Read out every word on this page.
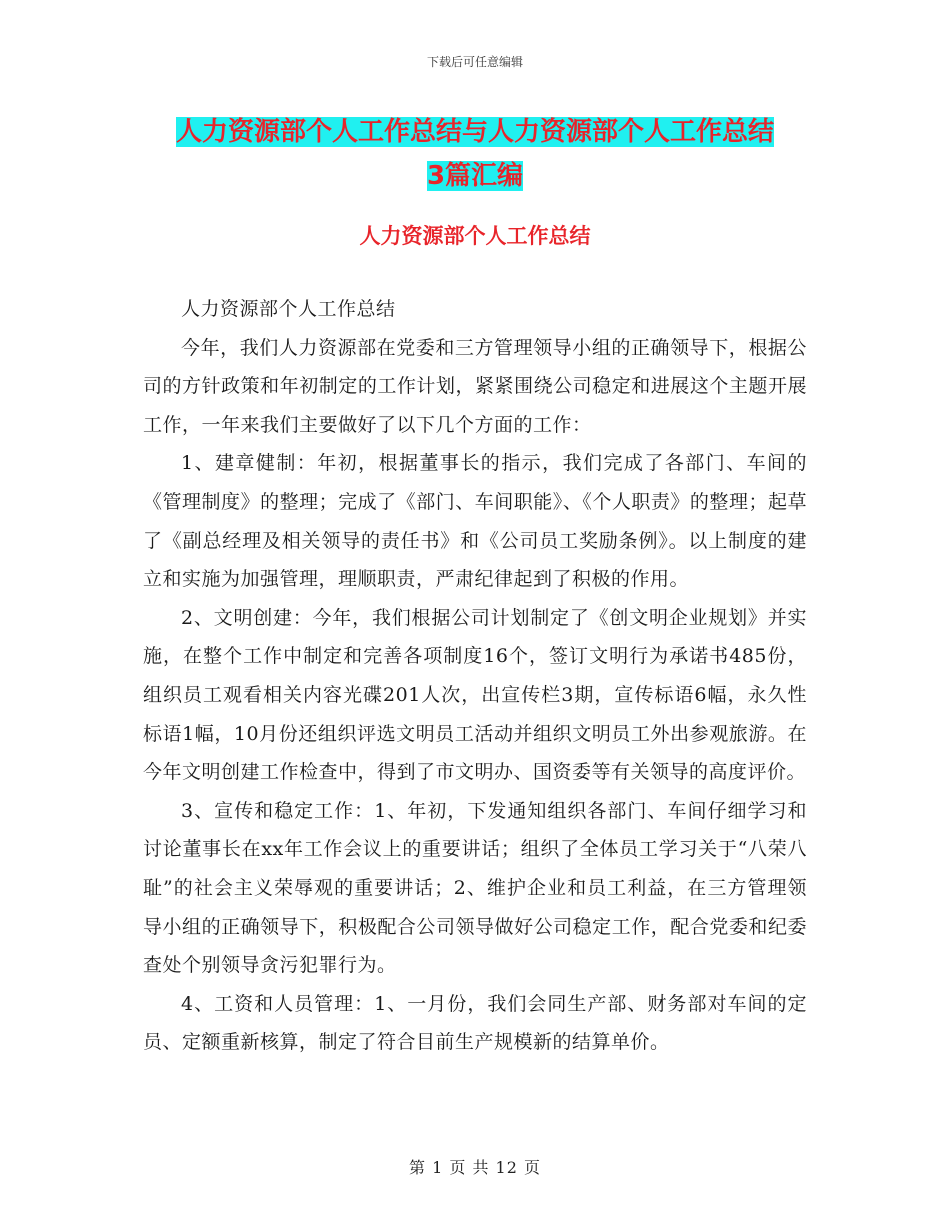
下载后可任意编辑
人力资源部个人工作总结与人力资源部个人工作总结
3篇汇编
人力资源部个人工作总结

人力资源部个人工作总结

今年，我们人力资源部在党委和三方管理领导小组的正确领导下，根据公司的方针政策和年初制定的工作计划，紧紧围绕公司稳定和进展这个主题开展工作，一年来我们主要做好了以下几个方面的工作：

1、建章健制：年初，根据董事长的指示，我们完成了各部门、车间的《管理制度》的整理；完成了《部门、车间职能》、《个人职责》的整理；起草了《副总经理及相关领导的责任书》和《公司员工奖励条例》。以上制度的建立和实施为加强管理，理顺职责，严肃纪律起到了积极的作用。

2、文明创建：今年，我们根据公司计划制定了《创文明企业规划》并实施，在整个工作中制定和完善各项制度16个，签订文明行为承诺书485份，组织员工观看相关内容光碟201人次，出宣传栏3期，宣传标语6幅，永久性标语1幅，10月份还组织评选文明员工活动并组织文明员工外出参观旅游。在今年文明创建工作检查中，得到了市文明办、国资委等有关领导的高度评价。

3、宣传和稳定工作：1、年初，下发通知组织各部门、车间仔细学习和讨论董事长在xx年工作会议上的重要讲话；组织了全体员工学习关于“八荣八耻”的社会主义荣辱观的重要讲话；2、维护企业和员工利益，在三方管理领导小组的正确领导下，积极配合公司领导做好公司稳定工作，配合党委和纪委查处个别领导贪污犯罪行为。

4、工资和人员管理：1、一月份，我们会同生产部、财务部对车间的定员、定额重新核算，制定了符合目前生产规模新的结算单价。

第 1 页 共 12 页
